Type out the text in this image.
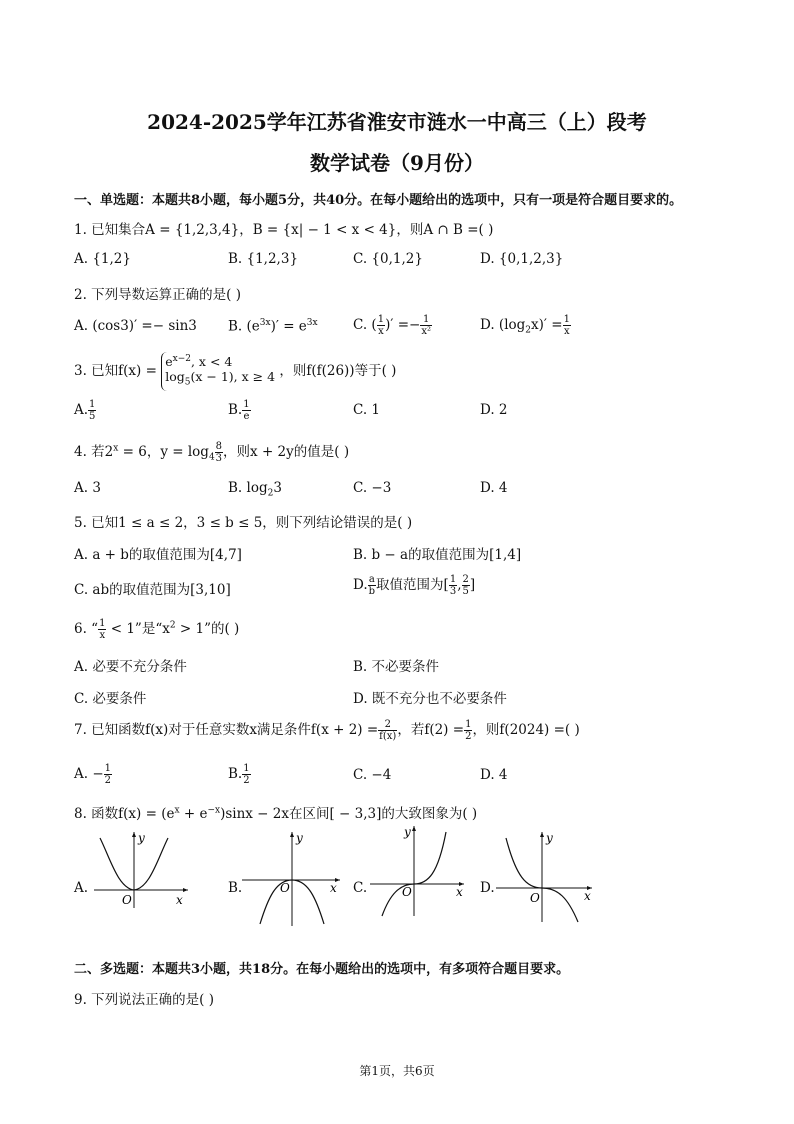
2024-2025学年江苏省淮安市涟水一中高三（上）段考
数学试卷（9月份）
一、单选题：本题共8小题，每小题5分，共40分。在每小题给出的选项中，只有一项是符合题目要求的。
1. 已知集合A = {1,2,3,4}，B = {x| − 1 < x < 4}，则A ∩ B =( )
A. {1,2}	B. {1,2,3}	C. {0,1,2}	D. {0,1,2,3}
2. 下列导数运算正确的是( )
A. (cos3)′ =− sin3 B. $(e^{3x})' = e^{3x}$	C. ( $\frac{1}{x}$ )′ =− $\frac{1}{\text{x²}}$	D. $(\log_2x)' = \frac{1}{x}$
3. 已知f(x) =
$e^{x-2}$, x < 4
$\log_5(x - 1)$, x ≥ 4 ，则f(f(26))等于( )
A. $\frac{1}{5}$	B. $\frac{1}{e}$	C. 1	D. 2
4. 若$2^x = 6$，$y = \log_4 \frac{8}{3}$ ，则x + 2y的值是( )
A. 3	B. $\log_23$	C. −3	D. 4
5. 已知1 ≤ a ≤ 2，3 ≤ b ≤ 5，则下列结论错误的是( )
A. a + b的取值范围为[4,7]	B. b − a的取值范围为[1,4]
C. ab的取值范围为[3,10]	D. $\frac{a}{b}$ 取值范围为[ $\frac{1}{3}$ , $\frac{2}{5}$ ]
6. “ $\frac{1}{x} < 1$”是“$x^2 > 1$”的( )
A. 必要不充分条件	B. 不必要条件
C. 必要条件	D. 既不充分也不必要条件
7. 已知函数f(x)对于任意实数x满足条件$f(x + 2) = \frac{2}{f(x)}$ ，若$f(2) = \frac{1}{2}$ ，则f(2024) =( )
A. − $\frac{1}{2}$	B. $\frac{1}{2}$	C. −4	D. 4
8. 函数$f(x) = (e^x + e^{-x})\sin x - 2x$在区间[ − 3,3]的大致图象为( )
A.
x
y
O
B.	x
y
O	C.	x
y
O	D.	x
y
O
二、多选题：本题共3小题，共18分。在每小题给出的选项中，有多项符合题目要求。
9. 下列说法正确的是( )
第1页，共6页
